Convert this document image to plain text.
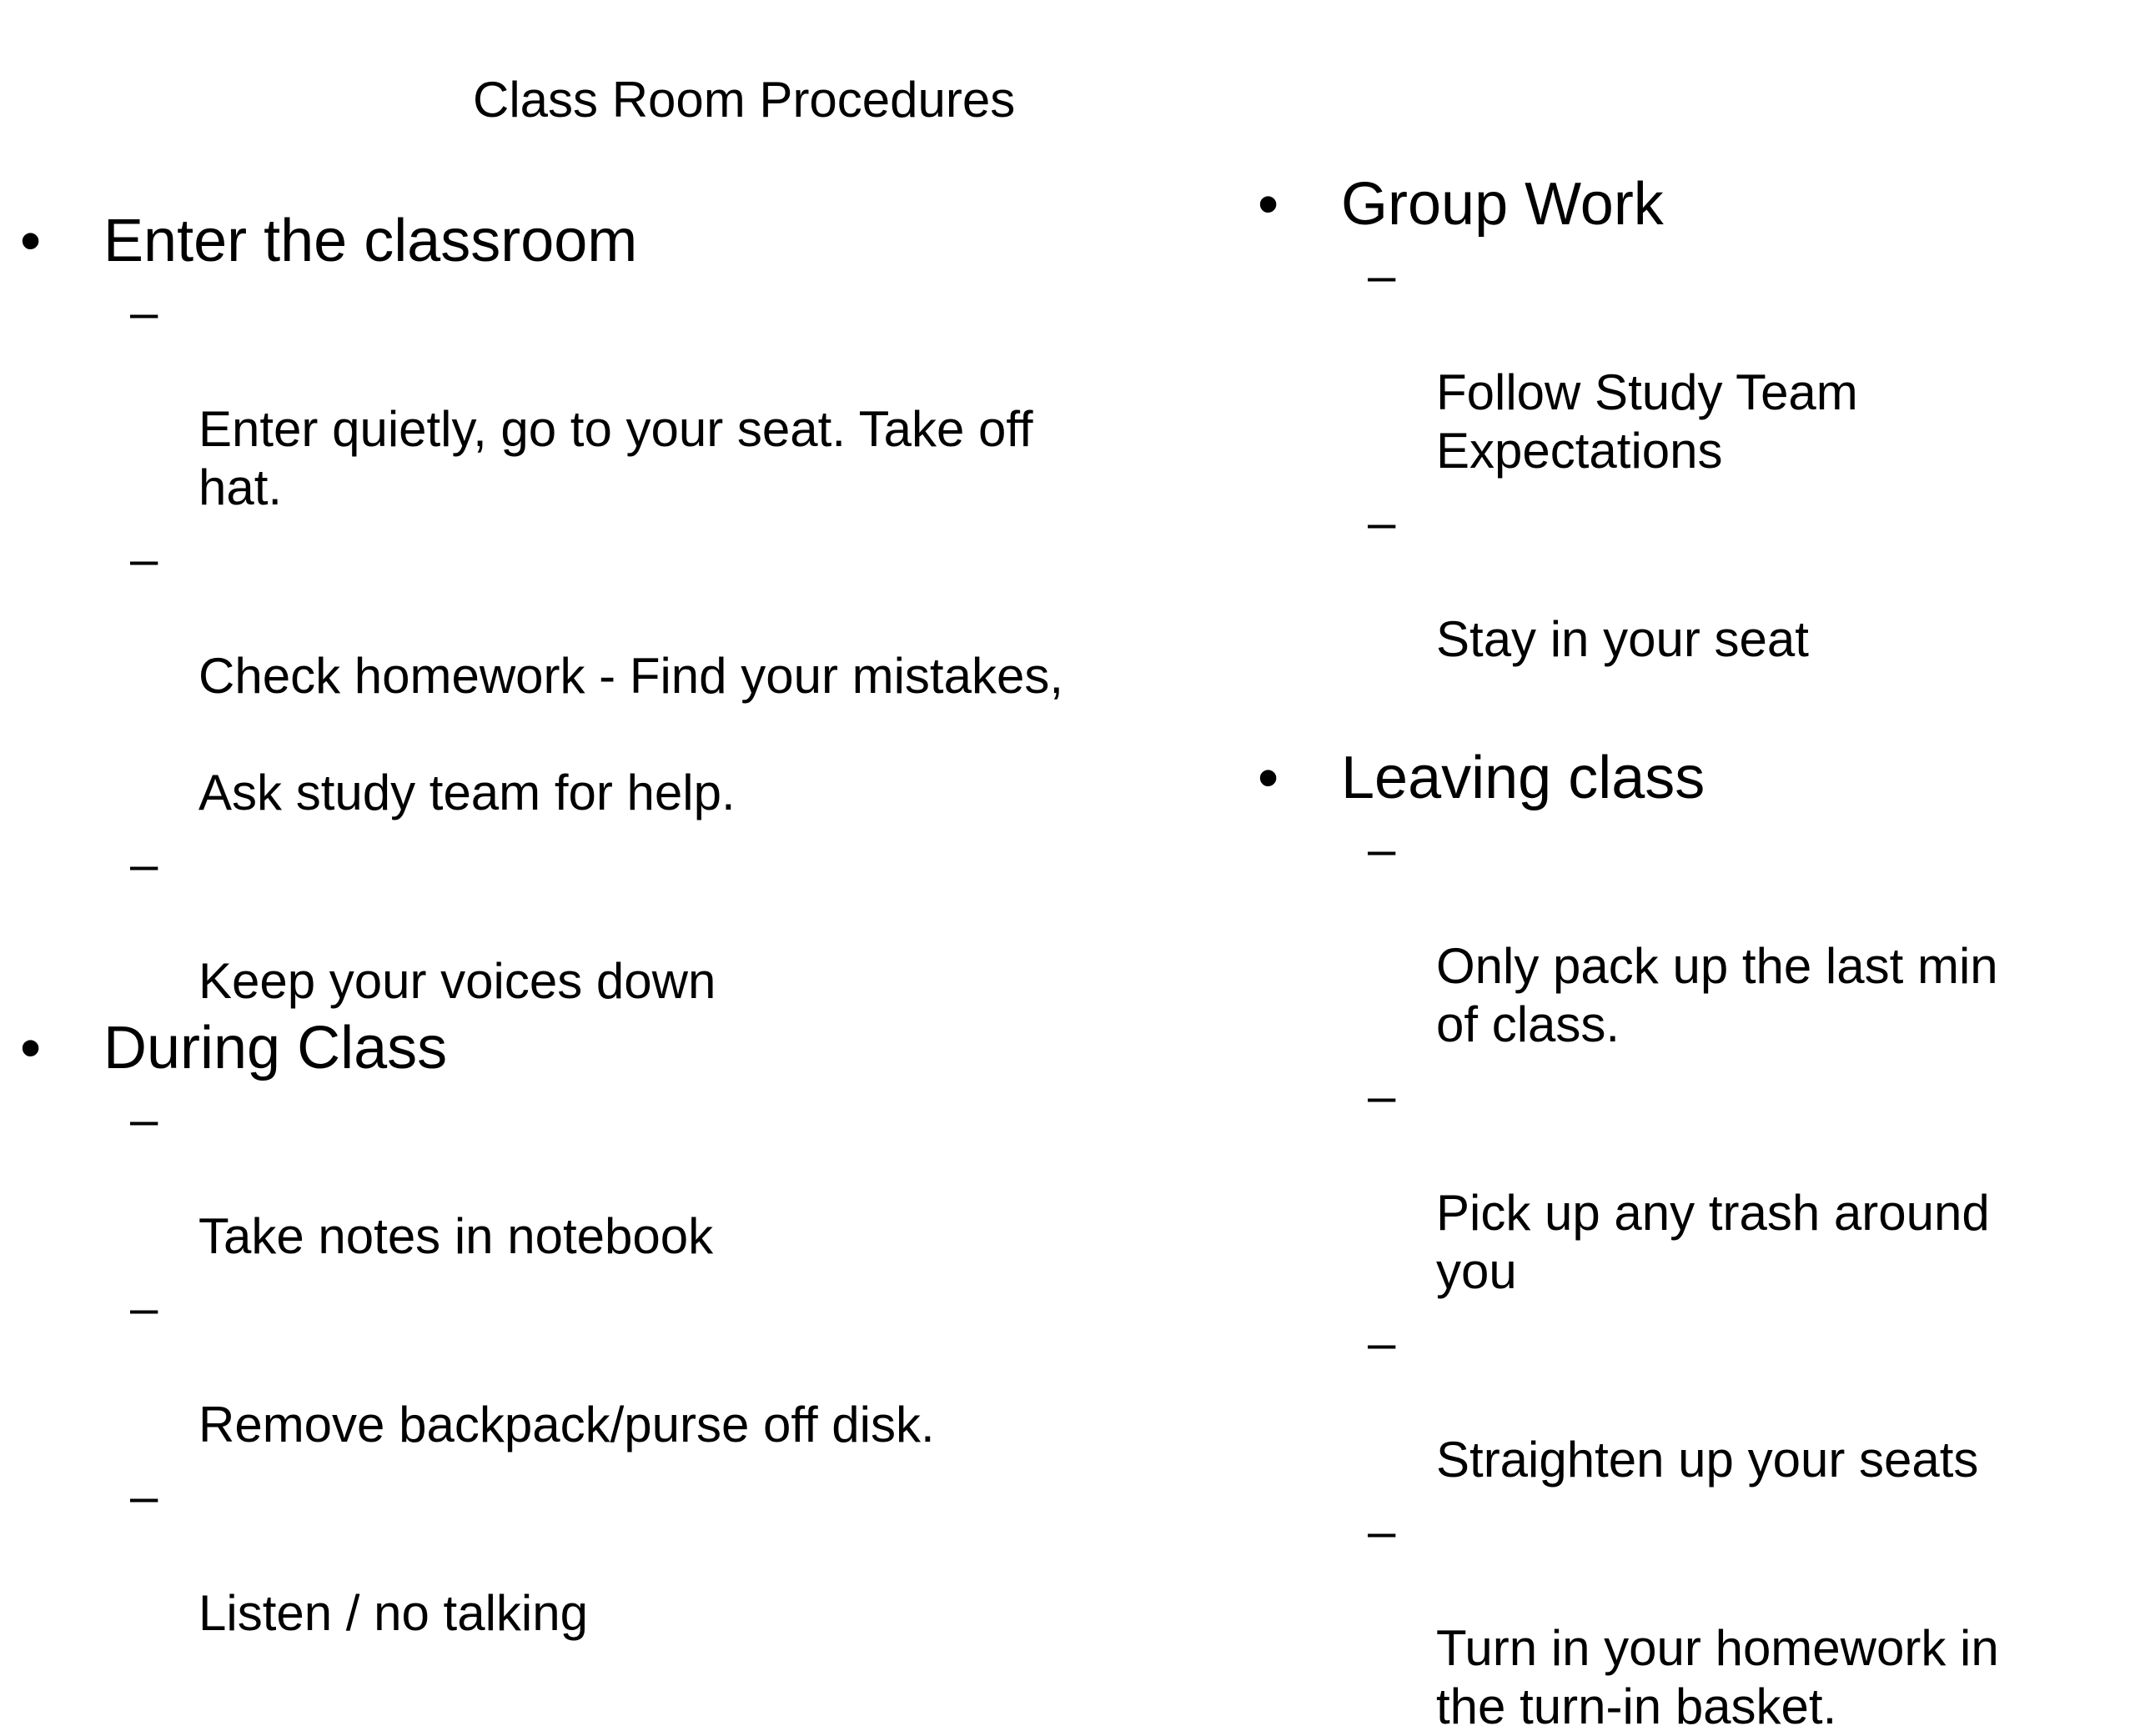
Class Room Procedures
• Enter the classroom

–

Enter quietly, go to your seat. Take off
hat.

–

Check homework - Find your mistakes,

Ask study team for help.

–

Keep your voices down

• During Class

–

Take notes in notebook

–

Remove backpack/purse off disk.

–

Listen / no talking

• Group Work

–

Follow Study Team
Expectations

–

Stay in your seat

• Leaving class

–

Only pack up the last min
of class.

–

Pick up any trash around
you

–

Straighten up your seats

–

Turn in your homework in
the turn-in basket.
